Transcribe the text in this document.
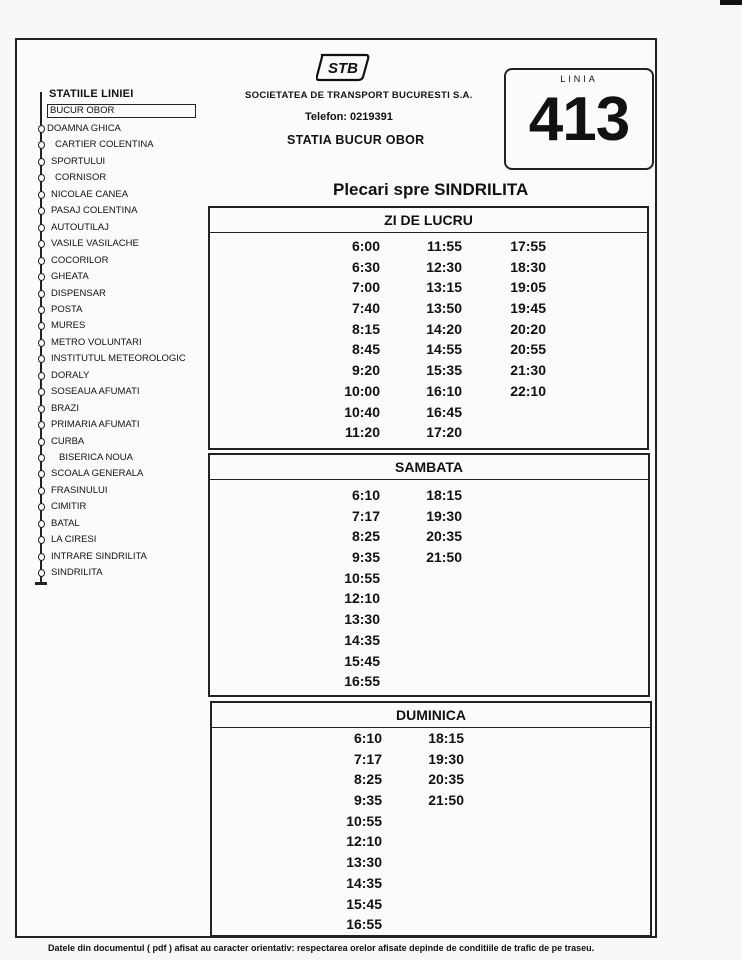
STATIILE LINIEI
BUCUR OBOR
DOAMNA GHICA
CARTIER COLENTINA
SPORTULUI
CORNISOR
NICOLAE CANEA
PASAJ COLENTINA
AUTOUTILAJ
VASILE VASILACHE
COCORILOR
GHEATA
DISPENSAR
POSTA
MURES
METRO VOLUNTARI
INSTITUTUL METEOROLOGIC
DORALY
SOSEAUA AFUMATI
BRAZI
PRIMARIA AFUMATI
CURBA
BISERICA NOUA
SCOALA GENERALA
FRASINULUI
CIMITIR
BATAL
LA CIRESI
INTRARE SINDRILITA
SINDRILITA
STB
SOCIETATEA DE TRANSPORT BUCURESTI S.A.
Telefon: 0219391
STATIA BUCUR OBOR
LINIA
413
Plecari spre SINDRILITA
ZI DE LUCRU
6:00
6:30
7:00
7:40
8:15
8:45
9:20
10:00
10:40
11:20
11:55
12:30
13:15
13:50
14:20
14:55
15:35
16:10
16:45
17:20
17:55
18:30
19:05
19:45
20:20
20:55
21:30
22:10
SAMBATA
6:10
7:17
8:25
9:35
10:55
12:10
13:30
14:35
15:45
16:55
18:15
19:30
20:35
21:50
DUMINICA
6:10
7:17
8:25
9:35
10:55
12:10
13:30
14:35
15:45
16:55
18:15
19:30
20:35
21:50
Datele din documentul ( pdf ) afisat au caracter orientativ: respectarea orelor afisate depinde de conditiile de trafic de pe traseu.
